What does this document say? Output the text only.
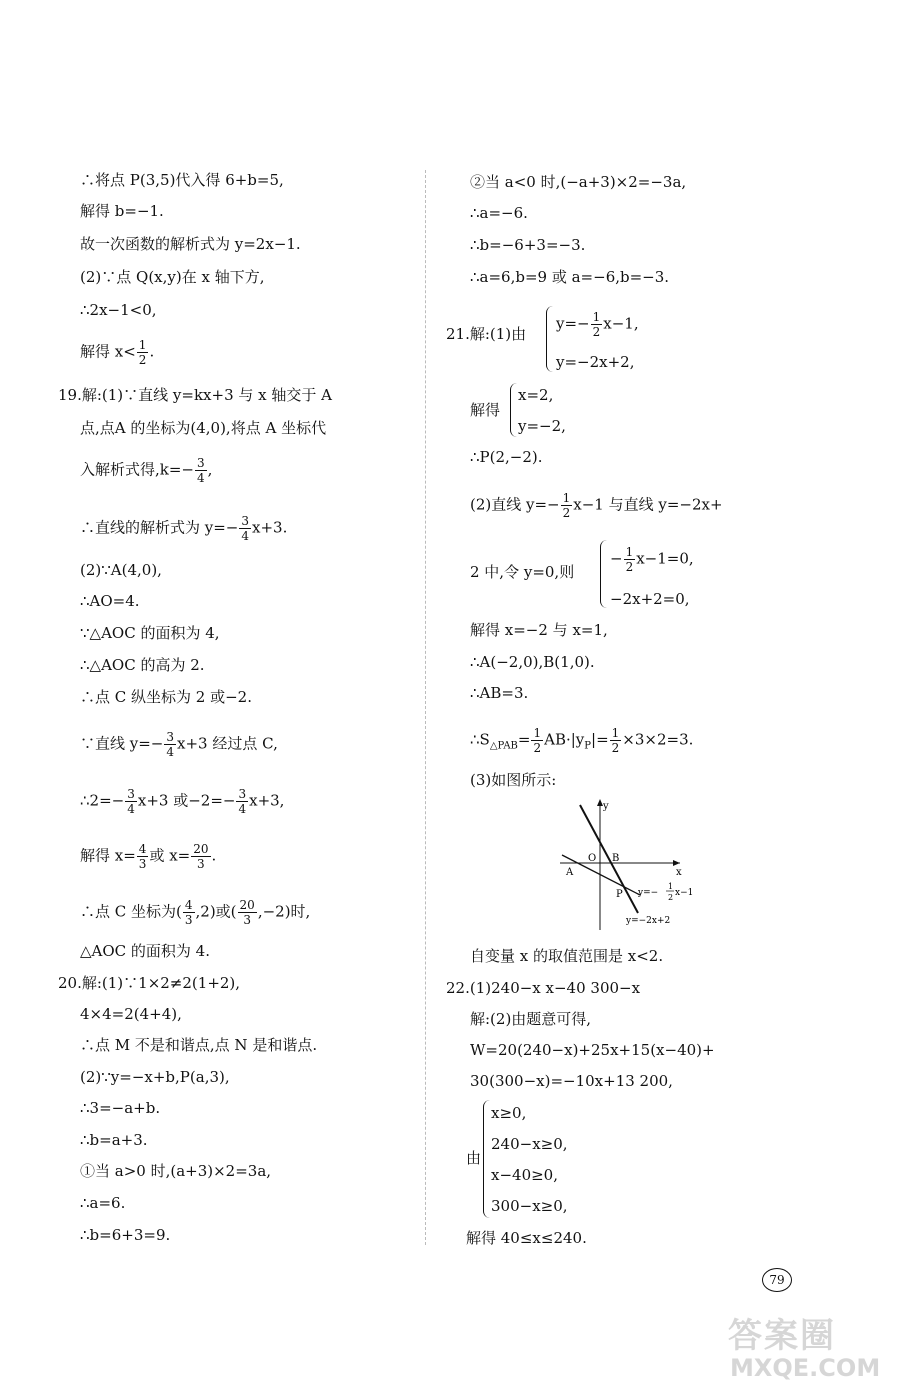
∴将点 P(3,5)代入得 6+b=5,
解得 b=−1.
故一次函数的解析式为 y=2x−1.
(2)∵点 Q(x,y)在 x 轴下方,
∴2x−1<0,
解得 $x< \frac{1}{2}$ .
19.解:(1)∵直线 y=kx+3 与 x 轴交于 A
点,点A 的坐标为(4,0),将点 A 坐标代
入解析式得$,k=- \frac{3}{4}$ ,
∴直线的解析式为 $y=- \frac{3}{4} x+3$.
(2)∵A(4,0),
∴AO=4.
∵△AOC 的面积为 4,
∴△AOC 的高为 2.
∴点 C 纵坐标为 2 或−2.
∵直线 $y=- \frac{3}{4} x+3$ 经过点 C,
∴2=− $\frac{3}{4} x+3$ 或$-2=- \frac{3}{4} x+3$,
解得 $x= \frac{4}{3}$ 或 $x= \frac{20}{3}$ .
∴点 C 坐标为( $\frac{4}{3} ,2$)或( $\frac{20}{3} ,-2$)时,
△AOC 的面积为 4.
20.解:(1)∵1×2≠2(1+2),
4×4=2(4+4),
∴点 M 不是和谐点,点 N 是和谐点.
(2)∵y=−x+b,P(a,3),
∴3=−a+b.
∴b=a+3.
①当 a>0 时,(a+3)×2=3a,
∴a=6.
∴b=6+3=9.
②当 a<0 时,(−a+3)×2=−3a,
∴a=−6.
∴b=−6+3=−3.
∴a=6,b=9 或 a=−6,b=−3.
21.解:(1)由
$y=- \frac{1}{2} x-1$,
y=−2x+2,
解得
x=2,
y=−2,
∴P(2,−2).
(2)直线 $y=- \frac{1}{2} x-1$ 与直线 y=−2x+
2 中,令 y=0,则
− $\frac{1}{2} x-1=0$,
−2x+2=0,
解得 x=−2 与 x=1,
∴A(−2,0),B(1,0).
∴AB=3.
$\therefore S_{\triangle PAB}= \frac{1}{2} AB\cdot|y_P|= \frac{1}{2} \times 3\times 2=3$.
(3)如图所示:
y
x
O B
A
P y=−
1
2 x−1
y=−2x+2
自变量 x 的取值范围是 x<2.
22.(1)240−x x−40 300−x
解:(2)由题意可得,
W=20(240−x)+25x+15(x−40)+
30(300−x)=−10x+13 200,
由
x≥0,
240−x≥0,
x−40≥0,
300−x≥0,
解得 40≤x≤240.
79
答案圈
MXQE.COM
